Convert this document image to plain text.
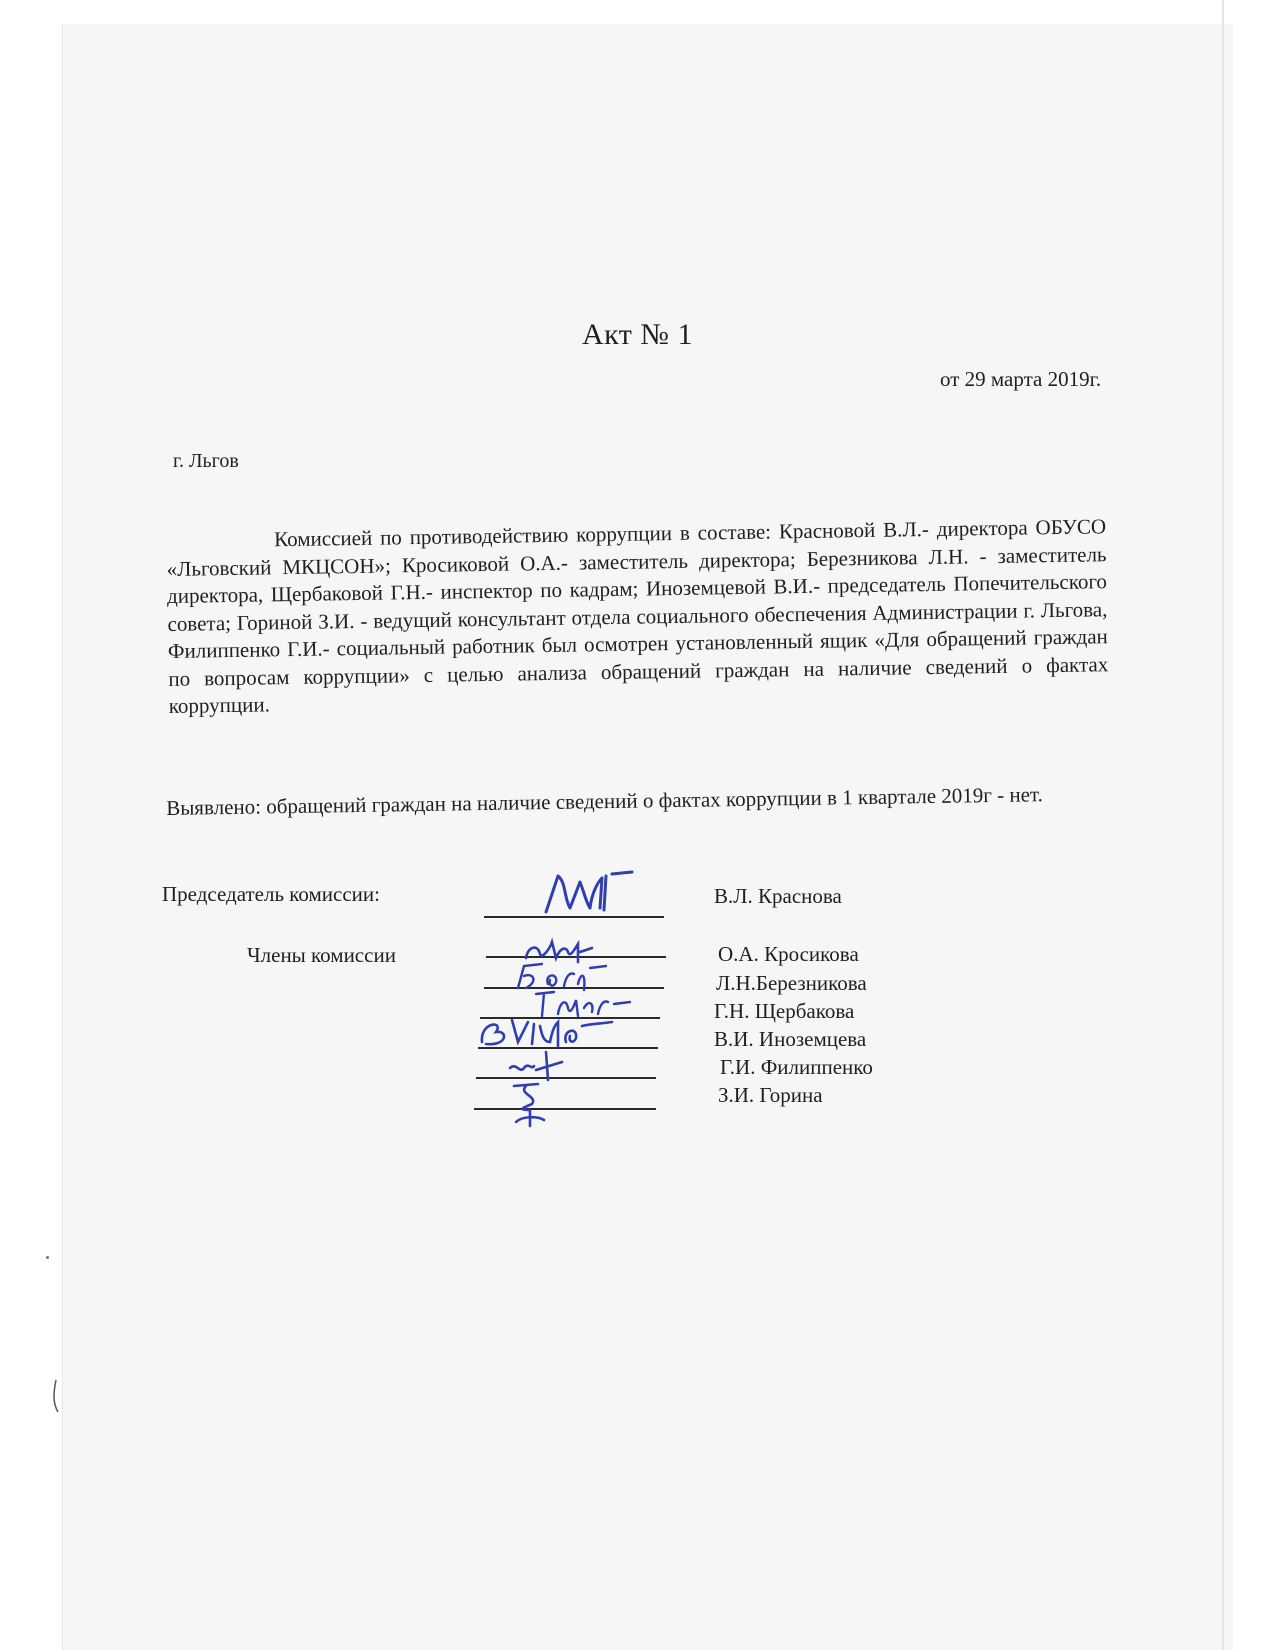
Акт № 1
от 29 марта 2019г.
г. Льгов
Комиссией по противодействию коррупции в составе: Красновой В.Л.- директора ОБУСО «Льговский МКЦСОН»; Кросиковой О.А.- заместитель директора; Березникова Л.Н. - заместитель директора, Щербаковой Г.Н.- инспектор по кадрам; Иноземцевой В.И.- председатель Попечительского совета; Гориной З.И. - ведущий консультант отдела социального обеспечения Администрации г. Льгова, Филиппенко Г.И.- социальный работник был осмотрен установленный ящик «Для обращений граждан по вопросам коррупции» с целью анализа обращений граждан на наличие сведений о фактах коррупции.
Выявлено: обращений граждан на наличие сведений о фактах коррупции в 1 квартале 2019г - нет.
Председатель комиссии:
Члены комиссии
В.Л. Краснова
О.А. Кросикова
Л.Н.Березникова
Г.Н. Щербакова
В.И. Иноземцева
Г.И. Филиппенко
З.И. Горина
